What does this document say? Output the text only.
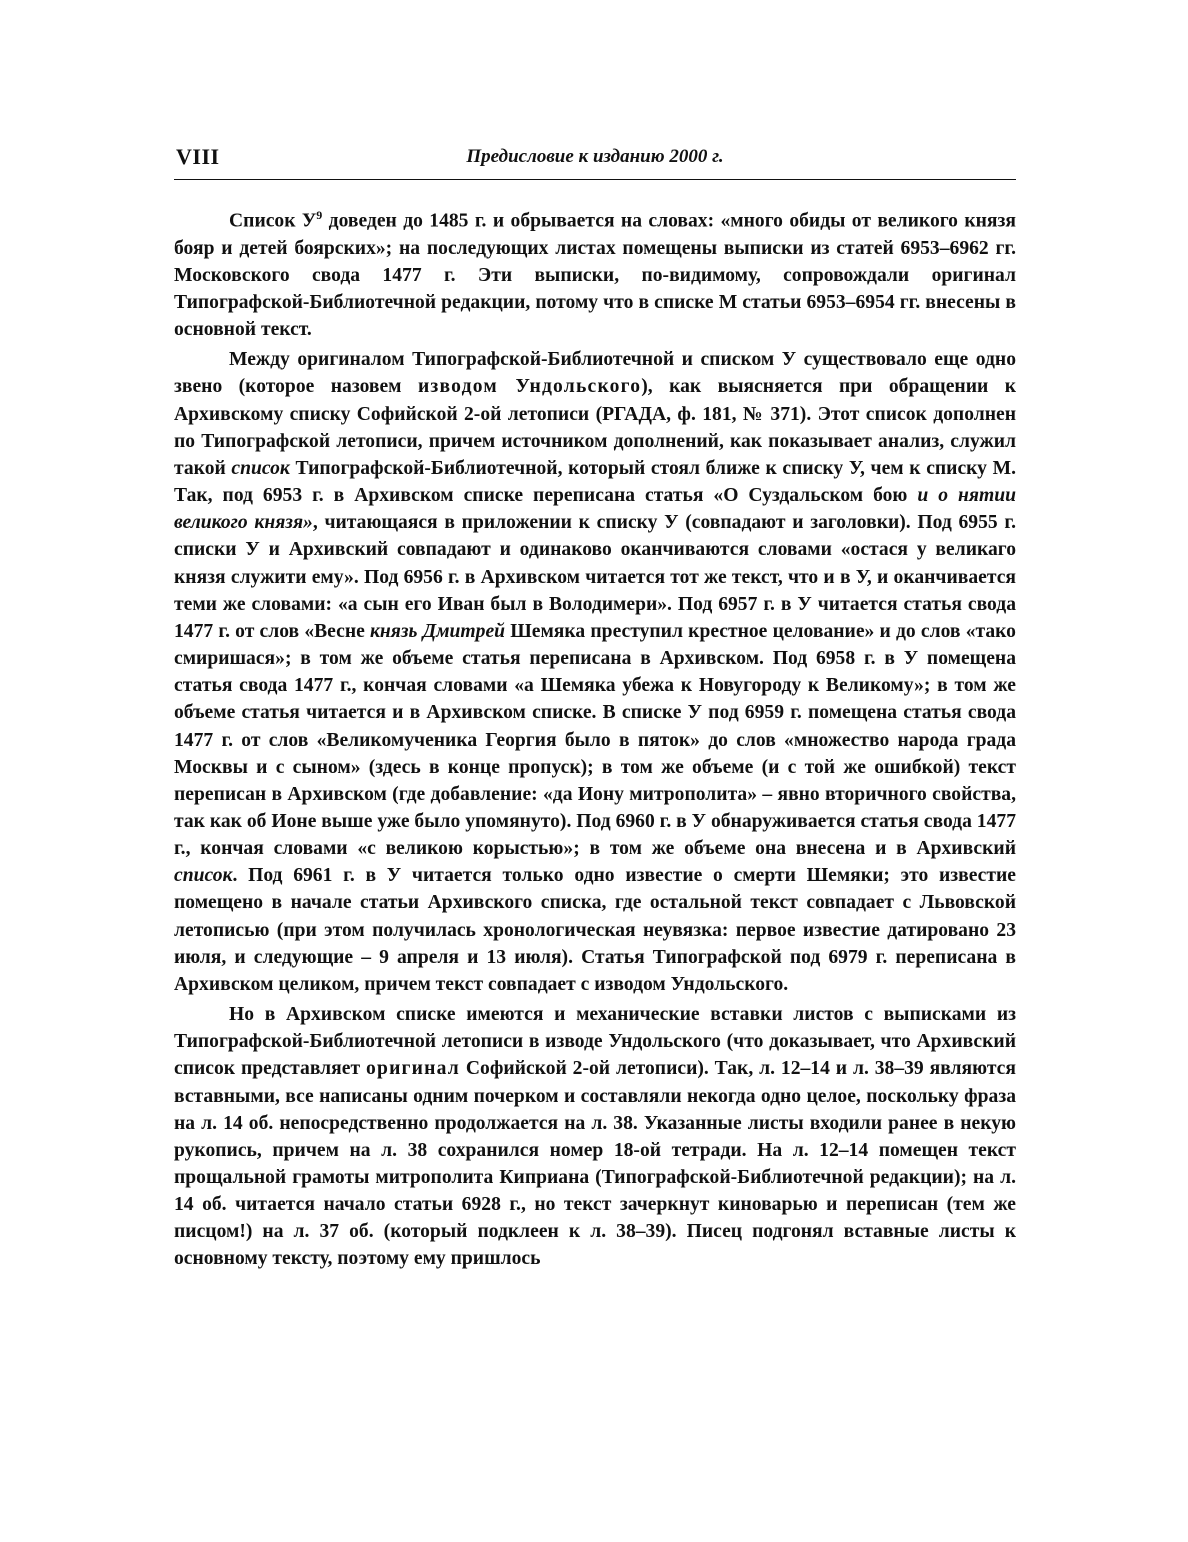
VIII	Предисловие к изданию 2000 г.

Список $У^9$ доведен до 1485 г. и обрывается на словах: «много обиды от великого князя бояр и детей боярских»; на последующих листах помещены выписки из статей 6953–6962 гг. Московского свода 1477 г. Эти выписки, по-видимому, сопровождали оригинал Типографской-Библиотечной редакции, потому что в списке М статьи 6953–6954 гг. внесены в основной текст.

Между оригиналом Типографской-Библиотечной и списком У существовало еще одно звено (которое назовем изводом Ундольского), как выясняется при обращении к Архивскому списку Софийской 2-ой летописи (РГАДА, ф. 181, № 371). Этот список дополнен по Типографской летописи, причем источником дополнений, как показывает анализ, служил такой список Типографской-Библиотечной, который стоял ближе к списку У, чем к списку М. Так, под 6953 г. в Архивском списке переписана статья «О Суздальском бою и о нятии великого князя», читающаяся в приложении к списку У (совпадают и заголовки). Под 6955 г. списки У и Архивский совпадают и одинаково оканчиваются словами «остася у великаго князя служити ему». Под 6956 г. в Архивском читается тот же текст, что и в У, и оканчивается теми же словами: «а сын его Иван был в Володимери». Под 6957 г. в У читается статья свода 1477 г. от слов «Весне князь Дмитрей Шемяка преступил крестное целование» и до слов «тако смиришася»; в том же объеме статья переписана в Архивском. Под 6958 г. в У помещена статья свода 1477 г., кончая словами «а Шемяка убежа к Новугороду к Великому»; в том же объеме статья читается и в Архивском списке. В списке У под 6959 г. помещена статья свода 1477 г. от слов «Великомученика Георгия было в пяток» до слов «множество народа града Москвы и с сыном» (здесь в конце пропуск); в том же объеме (и с той же ошибкой) текст переписан в Архивском (где добавление: «да Иону митрополита» – явно вторичного свойства, так как об Ионе выше уже было упомянуто). Под 6960 г. в У обнаруживается статья свода 1477 г., кончая словами «с великою корыстью»; в том же объеме она внесена и в Архивский список. Под 6961 г. в У читается только одно известие о смерти Шемяки; это известие помещено в начале статьи Архивского списка, где остальной текст совпадает с Львовской летописью (при этом получилась хронологическая неувязка: первое известие датировано 23 июля, и следующие – 9 апреля и 13 июля). Статья Типографской под 6979 г. переписана в Архивском целиком, причем текст совпадает с изводом Ундольского.

Но в Архивском списке имеются и механические вставки листов с выписками из Типографской-Библиотечной летописи в изводе Ундольского (что доказывает, что Архивский список представляет оригинал Софийской 2-ой летописи). Так, л. 12–14 и л. 38–39 являются вставными, все написаны одним почерком и составляли некогда одно целое, поскольку фраза на л. 14 об. непосредственно продолжается на л. 38. Указанные листы входили ранее в некую рукопись, причем на л. 38 сохранился номер 18-ой тетради. На л. 12–14 помещен текст прощальной грамоты митрополита Киприана (Типографской-Библиотечной редакции); на л. 14 об. читается начало статьи 6928 г., но текст зачеркнут киноварью и переписан (тем же писцом!) на л. 37 об. (который подклеен к л. 38–39). Писец подгонял вставные листы к основному тексту, поэтому ему пришлось
